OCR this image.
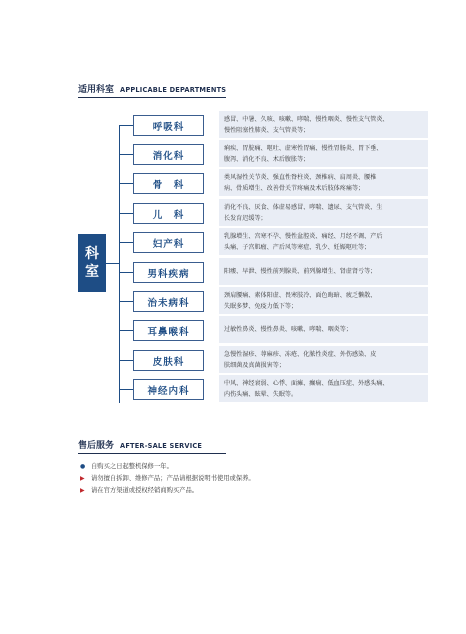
适用科室 APPLICABLE DEPARTMENTS
科
室
呼吸科
感冒、中暑、久咳、咳嗽、哮喘、慢性咽炎、慢性支气管炎、
慢性阻塞性肺炎、支气管炎等；
消化科
痢疾、胃脘痛、呕吐、虚寒性胃痛、慢性胃肠炎、胃下垂、
腹泻、消化不良、术后腹胀等；
骨　科
类风湿性关节炎、强直性脊柱炎、颈椎病、肩周炎、腰椎
病、骨质增生、改善骨关节疼痛及术后肢体疼痛等；
儿　科
消化不良、厌食、体虚易感冒、哮喘、遗尿、支气管炎、生
长发育迟缓等；
妇产科
乳腺增生、宫寒不孕、慢性盆腔炎、痛经、月经不调、产后
头痛、子宫肌瘤、产后风等寒症、乳少、妊娠呕吐等；
男科疾病	阳痿、早泄、慢性前列腺炎、前列腺增生、肾虚肾亏等；
治未病科
颈肩腰痛、素体阳虚、畏寒肢冷、面色晦暗、疲乏懒散、
失眠多梦、免疫力低下等；
耳鼻喉科	过敏性鼻炎、慢性鼻炎、咳嗽、哮喘、咽炎等；
皮肤科
急慢性湿疹、荨麻疹、冻疮、化脓性炎症、外伤感染、皮
肤细菌及真菌损害等；
神经内科
中风、神经衰弱、心悸、面瘫、癫痫、低血压症、外感头痛、
内伤头痛、眩晕、失眠等。
售后服务 AFTER-SALE SERVICE
● 自购买之日起整机保修一年。
▶ 请勿擅自拆卸、维修产品；产品请根据说明书使用或保养。
▶ 请在官方渠道或授权经销商购买产品。
